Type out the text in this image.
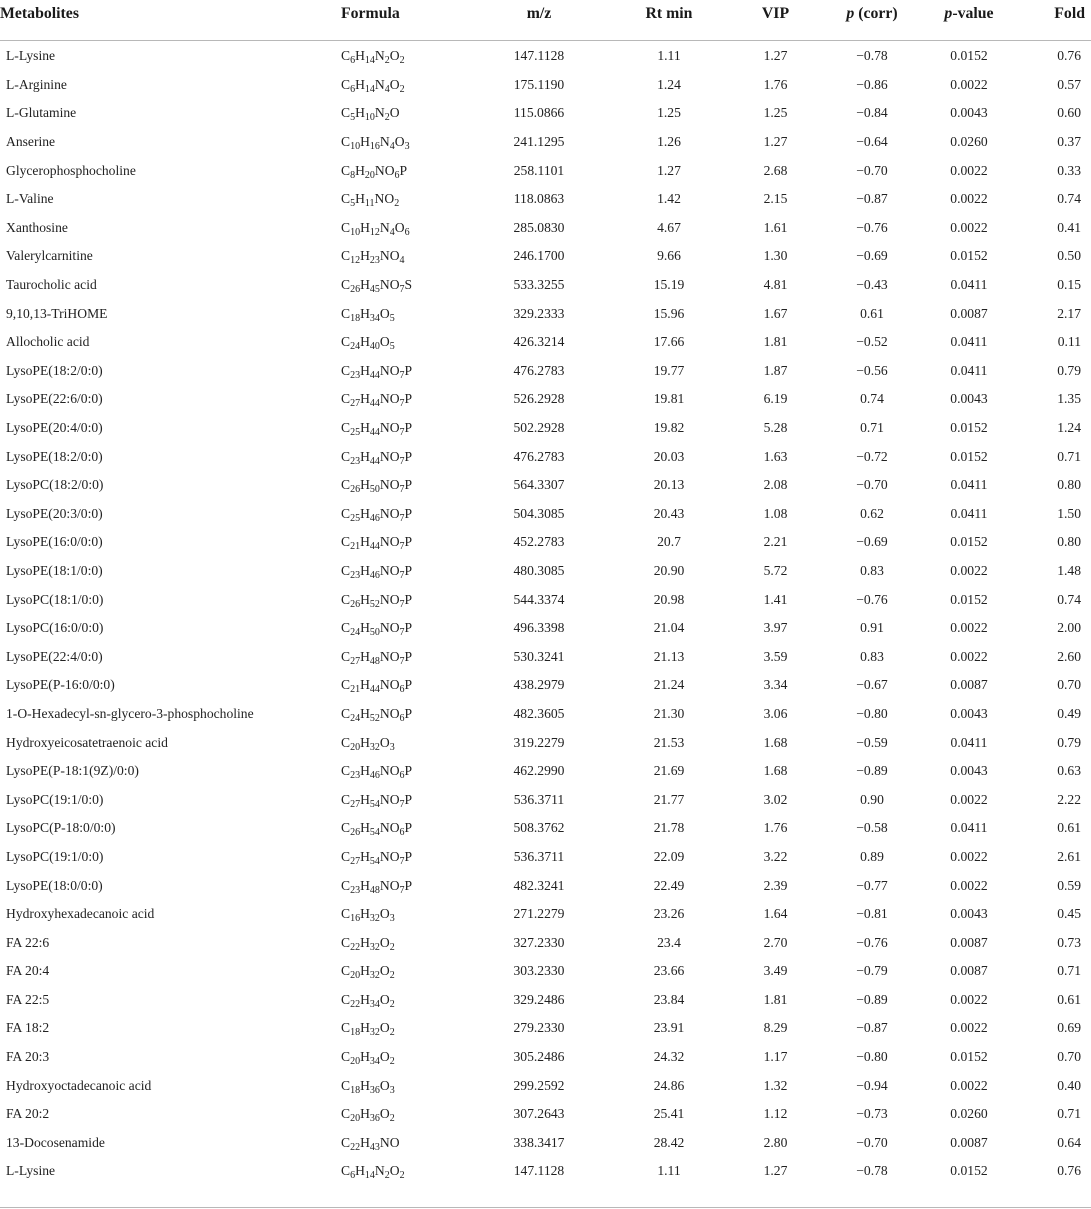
Metabolites	Formula	m/z	Rt min	VIP	p (corr)	p-value	Fold

L-Lysine	$C_6H_{14}N_2O_2$	147.1128	1.11	1.27	−0.78	0.0152	0.76
L-Arginine	$C_6H_{14}N_4O_2$	175.1190	1.24	1.76	−0.86	0.0022	0.57
L-Glutamine	$C_5H_{10}N_2O$	115.0866	1.25	1.25	−0.84	0.0043	0.60
Anserine	$C_{10}H_{16}N_4O_3$	241.1295	1.26	1.27	−0.64	0.0260	0.37
Glycerophosphocholine	$C_8H_{20}NO_6P$	258.1101	1.27	2.68	−0.70	0.0022	0.33
L-Valine	$C_5H_{11}NO_2$	118.0863	1.42	2.15	−0.87	0.0022	0.74
Xanthosine	$C_{10}H_{12}N_4O_6$	285.0830	4.67	1.61	−0.76	0.0022	0.41
Valerylcarnitine	$C_{12}H_{23}NO_4$	246.1700	9.66	1.30	−0.69	0.0152	0.50
Taurocholic acid	$C_{26}H_{45}NO_7S$	533.3255	15.19	4.81	−0.43	0.0411	0.15
9,10,13-TriHOME	$C_{18}H_{34}O_5$	329.2333	15.96	1.67	0.61	0.0087	2.17
Allocholic acid	$C_{24}H_{40}O_5$	426.3214	17.66	1.81	−0.52	0.0411	0.11
LysoPE(18:2/0:0)	$C_{23}H_{44}NO_7P$	476.2783	19.77	1.87	−0.56	0.0411	0.79
LysoPE(22:6/0:0)	$C_{27}H_{44}NO_7P$	526.2928	19.81	6.19	0.74	0.0043	1.35
LysoPE(20:4/0:0)	$C_{25}H_{44}NO_7P$	502.2928	19.82	5.28	0.71	0.0152	1.24
LysoPE(18:2/0:0)	$C_{23}H_{44}NO_7P$	476.2783	20.03	1.63	−0.72	0.0152	0.71
LysoPC(18:2/0:0)	$C_{26}H_{50}NO_7P$	564.3307	20.13	2.08	−0.70	0.0411	0.80
LysoPE(20:3/0:0)	$C_{25}H_{46}NO_7P$	504.3085	20.43	1.08	0.62	0.0411	1.50
LysoPE(16:0/0:0)	$C_{21}H_{44}NO_7P$	452.2783	20.7	2.21	−0.69	0.0152	0.80
LysoPE(18:1/0:0)	$C_{23}H_{46}NO_7P$	480.3085	20.90	5.72	0.83	0.0022	1.48
LysoPC(18:1/0:0)	$C_{26}H_{52}NO_7P$	544.3374	20.98	1.41	−0.76	0.0152	0.74
LysoPC(16:0/0:0)	$C_{24}H_{50}NO_7P$	496.3398	21.04	3.97	0.91	0.0022	2.00
LysoPE(22:4/0:0)	$C_{27}H_{48}NO_7P$	530.3241	21.13	3.59	0.83	0.0022	2.60
LysoPE(P-16:0/0:0)	$C_{21}H_{44}NO_6P$	438.2979	21.24	3.34	−0.67	0.0087	0.70
1-O-Hexadecyl-sn-glycero-3-phosphocholine	$C_{24}H_{52}NO_6P$	482.3605	21.30	3.06	−0.80	0.0043	0.49
Hydroxyeicosatetraenoic acid	$C_{20}H_{32}O_3$	319.2279	21.53	1.68	−0.59	0.0411	0.79
LysoPE(P-18:1(9Z)/0:0)	$C_{23}H_{46}NO_6P$	462.2990	21.69	1.68	−0.89	0.0043	0.63
LysoPC(19:1/0:0)	$C_{27}H_{54}NO_7P$	536.3711	21.77	3.02	0.90	0.0022	2.22
LysoPC(P-18:0/0:0)	$C_{26}H_{54}NO_6P$	508.3762	21.78	1.76	−0.58	0.0411	0.61
LysoPC(19:1/0:0)	$C_{27}H_{54}NO_7P$	536.3711	22.09	3.22	0.89	0.0022	2.61
LysoPE(18:0/0:0)	$C_{23}H_{48}NO_7P$	482.3241	22.49	2.39	−0.77	0.0022	0.59
Hydroxyhexadecanoic acid	$C_{16}H_{32}O_3$	271.2279	23.26	1.64	−0.81	0.0043	0.45
FA 22:6	$C_{22}H_{32}O_2$	327.2330	23.4	2.70	−0.76	0.0087	0.73
FA 20:4	$C_{20}H_{32}O_2$	303.2330	23.66	3.49	−0.79	0.0087	0.71
FA 22:5	$C_{22}H_{34}O_2$	329.2486	23.84	1.81	−0.89	0.0022	0.61
FA 18:2	$C_{18}H_{32}O_2$	279.2330	23.91	8.29	−0.87	0.0022	0.69
FA 20:3	$C_{20}H_{34}O_2$	305.2486	24.32	1.17	−0.80	0.0152	0.70
Hydroxyoctadecanoic acid	$C_{18}H_{36}O_3$	299.2592	24.86	1.32	−0.94	0.0022	0.40
FA 20:2	$C_{20}H_{36}O_2$	307.2643	25.41	1.12	−0.73	0.0260	0.71
13-Docosenamide	$C_{22}H_{43}NO$	338.3417	28.42	2.80	−0.70	0.0087	0.64
L-Lysine	$C_6H_{14}N_2O_2$	147.1128	1.11	1.27	−0.78	0.0152	0.76
